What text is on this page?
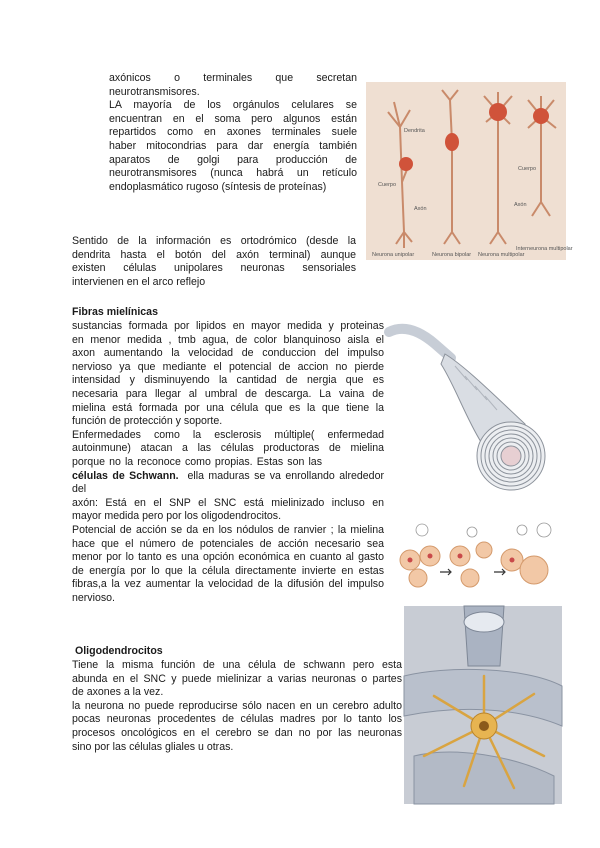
axónicos o terminales que secretan
neurotransmisores.
LA mayoría de los orgánulos celulares se
encuentran en el soma pero algunos están
repartidos como en axones terminales suele
haber mitocondrias para dar energía también
aparatos de golgi para producción de
neurotransmisores (nunca habrá un retículo
endoplasmático rugoso (síntesis de proteínas)
Dendrita
Cuerpo
Cuerpo
Axón
Axón
Neurona unipolar	Neurona bipolar Neurona multipolar
Interneurona multipolar
Sentido de la información es ortodrómico (desde la
dendrita hasta el botón del axón terminal) aunque
existen células unipolares neuronas sensoriales
intervienen en el arco reflejo

Fibras mielínicas

sustancias formada por lipidos en mayor medida y proteinas
en menor medida , tmb agua, de color blanquinoso aisla el
axon aumentando la velocidad de conduccion del impulso
nervioso ya que mediante el potencial de accion no pierde
intensidad y disminuyendo la cantidad de nergia que es
necesaria para llegar al umbral de descarga. La vaina de
mielina está formada por una célula que es la que tiene la
función de protección y soporte.
Enfermedades como la esclerosis múltiple( enfermedad
autoinmune) atacan a las células productoras de mielina
porque no la reconoce como propias. Estas son las
células de Schwann. ella maduras se va enrollando alrededor del
axón: Está en el SNP el SNC está mielinizado incluso en
mayor medida pero por los oligodendrocitos.
Potencial de acción se da en los nódulos de ranvier ; la mielina
hace que el número de potenciales de acción necesario sea
menor por lo tanto es una opción económica en cuanto al gasto
de energía por lo que la célula directamente invierte en estas
fibras,a la vez aumentar la velocidad de la difusión del impulso
nervioso.

Oligodendrocitos

Tiene la misma función de una célula de schwann pero esta
abunda en el SNC y puede mielinizar a varias neuronas o partes
de axones a la vez.
la neurona no puede reproducirse sólo nacen en un cerebro adulto
pocas neuronas procedentes de células madres por lo tanto los
procesos oncológicos en el cerebro se dan no por las neuronas
sino por las células gliales u otras.
